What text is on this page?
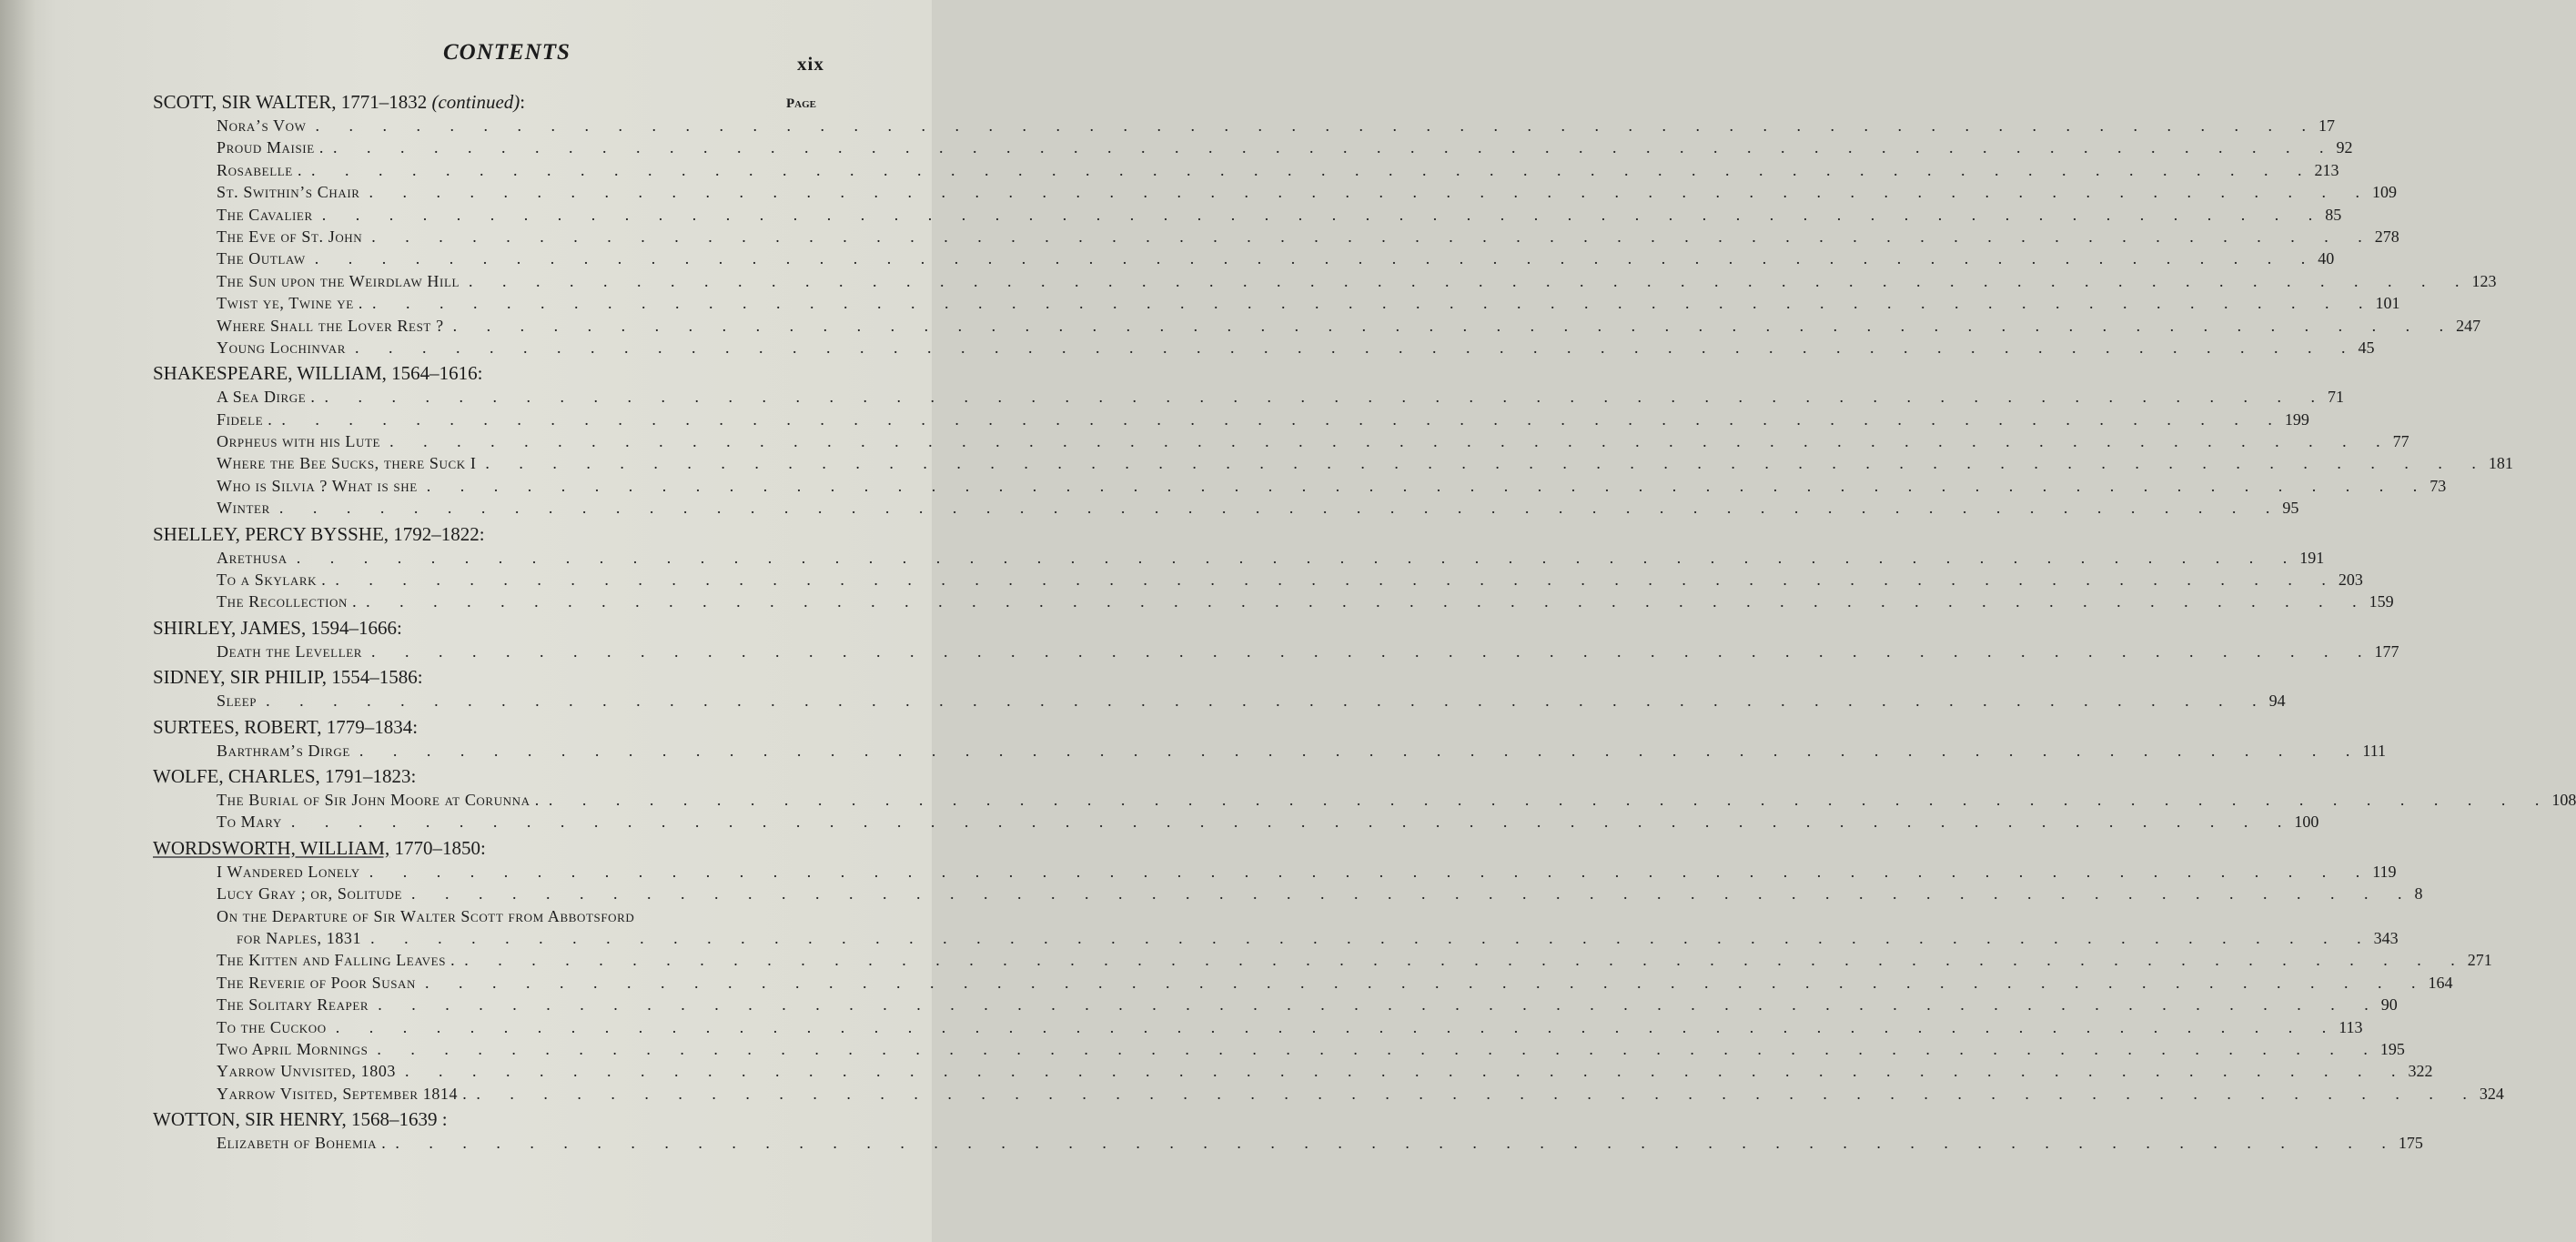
CONTENTS	xix
Page
SCOTT, SIR WALTER, 1771–1832 (continued):
Nora’s Vow . . . . . . . . . . . . . . . . . . . . . . . . . . . . . . . . . . . . . . . . . . . . . . . . . . . . . . . . . . . . 17
Proud Maisie . . . . . . . . . . . . . . . . . . . . . . . . . . . . . . . . . . . . . . . . . . . . . . . . . . . . . . . . . . . . . 92
Rosabelle . . . . . . . . . . . . . . . . . . . . . . . . . . . . . . . . . . . . . . . . . . . . . . . . . . . . . . . . . . . . . 213
St. Swithin’s Chair . . . . . . . . . . . . . . . . . . . . . . . . . . . . . . . . . . . . . . . . . . . . . . . . . . . . . . . . . . . . 109
The Cavalier . . . . . . . . . . . . . . . . . . . . . . . . . . . . . . . . . . . . . . . . . . . . . . . . . . . . . . . . . . . . 85
The Eve of St. John . . . . . . . . . . . . . . . . . . . . . . . . . . . . . . . . . . . . . . . . . . . . . . . . . . . . . . . . . . . . 278
The Outlaw . . . . . . . . . . . . . . . . . . . . . . . . . . . . . . . . . . . . . . . . . . . . . . . . . . . . . . . . . . . . 40
The Sun upon the Weirdlaw Hill . . . . . . . . . . . . . . . . . . . . . . . . . . . . . . . . . . . . . . . . . . . . . . . . . . . . . . . . . . . . 123
Twist ye, Twine ye . . . . . . . . . . . . . . . . . . . . . . . . . . . . . . . . . . . . . . . . . . . . . . . . . . . . . . . . . . . . . 101
Where Shall the Lover Rest ? . . . . . . . . . . . . . . . . . . . . . . . . . . . . . . . . . . . . . . . . . . . . . . . . . . . . . . . . . . . . 247
Young Lochinvar . . . . . . . . . . . . . . . . . . . . . . . . . . . . . . . . . . . . . . . . . . . . . . . . . . . . . . . . . . . . 45
SHAKESPEARE, WILLIAM, 1564–1616:
A Sea Dirge . . . . . . . . . . . . . . . . . . . . . . . . . . . . . . . . . . . . . . . . . . . . . . . . . . . . . . . . . . . . . 71
Fidele . . . . . . . . . . . . . . . . . . . . . . . . . . . . . . . . . . . . . . . . . . . . . . . . . . . . . . . . . . . . . 199
Orpheus with his Lute . . . . . . . . . . . . . . . . . . . . . . . . . . . . . . . . . . . . . . . . . . . . . . . . . . . . . . . . . . . . 77
Where the Bee Sucks, there Suck I . . . . . . . . . . . . . . . . . . . . . . . . . . . . . . . . . . . . . . . . . . . . . . . . . . . . . . . . . . . . 181
Who is Silvia ? What is she . . . . . . . . . . . . . . . . . . . . . . . . . . . . . . . . . . . . . . . . . . . . . . . . . . . . . . . . . . . . 73
Winter . . . . . . . . . . . . . . . . . . . . . . . . . . . . . . . . . . . . . . . . . . . . . . . . . . . . . . . . . . . . 95
SHELLEY, PERCY BYSSHE, 1792–1822:
Arethusa . . . . . . . . . . . . . . . . . . . . . . . . . . . . . . . . . . . . . . . . . . . . . . . . . . . . . . . . . . . . 191
To a Skylark . . . . . . . . . . . . . . . . . . . . . . . . . . . . . . . . . . . . . . . . . . . . . . . . . . . . . . . . . . . . . 203
The Recollection . . . . . . . . . . . . . . . . . . . . . . . . . . . . . . . . . . . . . . . . . . . . . . . . . . . . . . . . . . . . . 159
SHIRLEY, JAMES, 1594–1666:
Death the Leveller . . . . . . . . . . . . . . . . . . . . . . . . . . . . . . . . . . . . . . . . . . . . . . . . . . . . . . . . . . . . 177
SIDNEY, SIR PHILIP, 1554–1586:
Sleep . . . . . . . . . . . . . . . . . . . . . . . . . . . . . . . . . . . . . . . . . . . . . . . . . . . . . . . . . . . . 94
SURTEES, ROBERT, 1779–1834:
Barthram’s Dirge . . . . . . . . . . . . . . . . . . . . . . . . . . . . . . . . . . . . . . . . . . . . . . . . . . . . . . . . . . . . 111
WOLFE, CHARLES, 1791–1823:
The Burial of Sir John Moore at Corunna . . . . . . . . . . . . . . . . . . . . . . . . . . . . . . . . . . . . . . . . . . . . . . . . . . . . . . . . . . . . . 108
To Mary . . . . . . . . . . . . . . . . . . . . . . . . . . . . . . . . . . . . . . . . . . . . . . . . . . . . . . . . . . . . 100
WORDSWORTH, WILLIAM, 1770–1850:
I Wandered Lonely . . . . . . . . . . . . . . . . . . . . . . . . . . . . . . . . . . . . . . . . . . . . . . . . . . . . . . . . . . . . 119
Lucy Gray ; or, Solitude . . . . . . . . . . . . . . . . . . . . . . . . . . . . . . . . . . . . . . . . . . . . . . . . . . . . . . . . . . . . 8
On the Departure of Sir Walter Scott from Abbotsford
for Naples, 1831 . . . . . . . . . . . . . . . . . . . . . . . . . . . . . . . . . . . . . . . . . . . . . . . . . . . . . . . . . . . . 343
The Kitten and Falling Leaves . . . . . . . . . . . . . . . . . . . . . . . . . . . . . . . . . . . . . . . . . . . . . . . . . . . . . . . . . . . . . 271
The Reverie of Poor Susan . . . . . . . . . . . . . . . . . . . . . . . . . . . . . . . . . . . . . . . . . . . . . . . . . . . . . . . . . . . . 164
The Solitary Reaper . . . . . . . . . . . . . . . . . . . . . . . . . . . . . . . . . . . . . . . . . . . . . . . . . . . . . . . . . . . . 90
To the Cuckoo . . . . . . . . . . . . . . . . . . . . . . . . . . . . . . . . . . . . . . . . . . . . . . . . . . . . . . . . . . . . 113
Two April Mornings . . . . . . . . . . . . . . . . . . . . . . . . . . . . . . . . . . . . . . . . . . . . . . . . . . . . . . . . . . . . 195
Yarrow Unvisited, 1803 . . . . . . . . . . . . . . . . . . . . . . . . . . . . . . . . . . . . . . . . . . . . . . . . . . . . . . . . . . . . 322
Yarrow Visited, September 1814 . . . . . . . . . . . . . . . . . . . . . . . . . . . . . . . . . . . . . . . . . . . . . . . . . . . . . . . . . . . . . 324
WOTTON, SIR HENRY, 1568–1639 :
Elizabeth of Bohemia . . . . . . . . . . . . . . . . . . . . . . . . . . . . . . . . . . . . . . . . . . . . . . . . . . . . . . . . . . . . . 175
